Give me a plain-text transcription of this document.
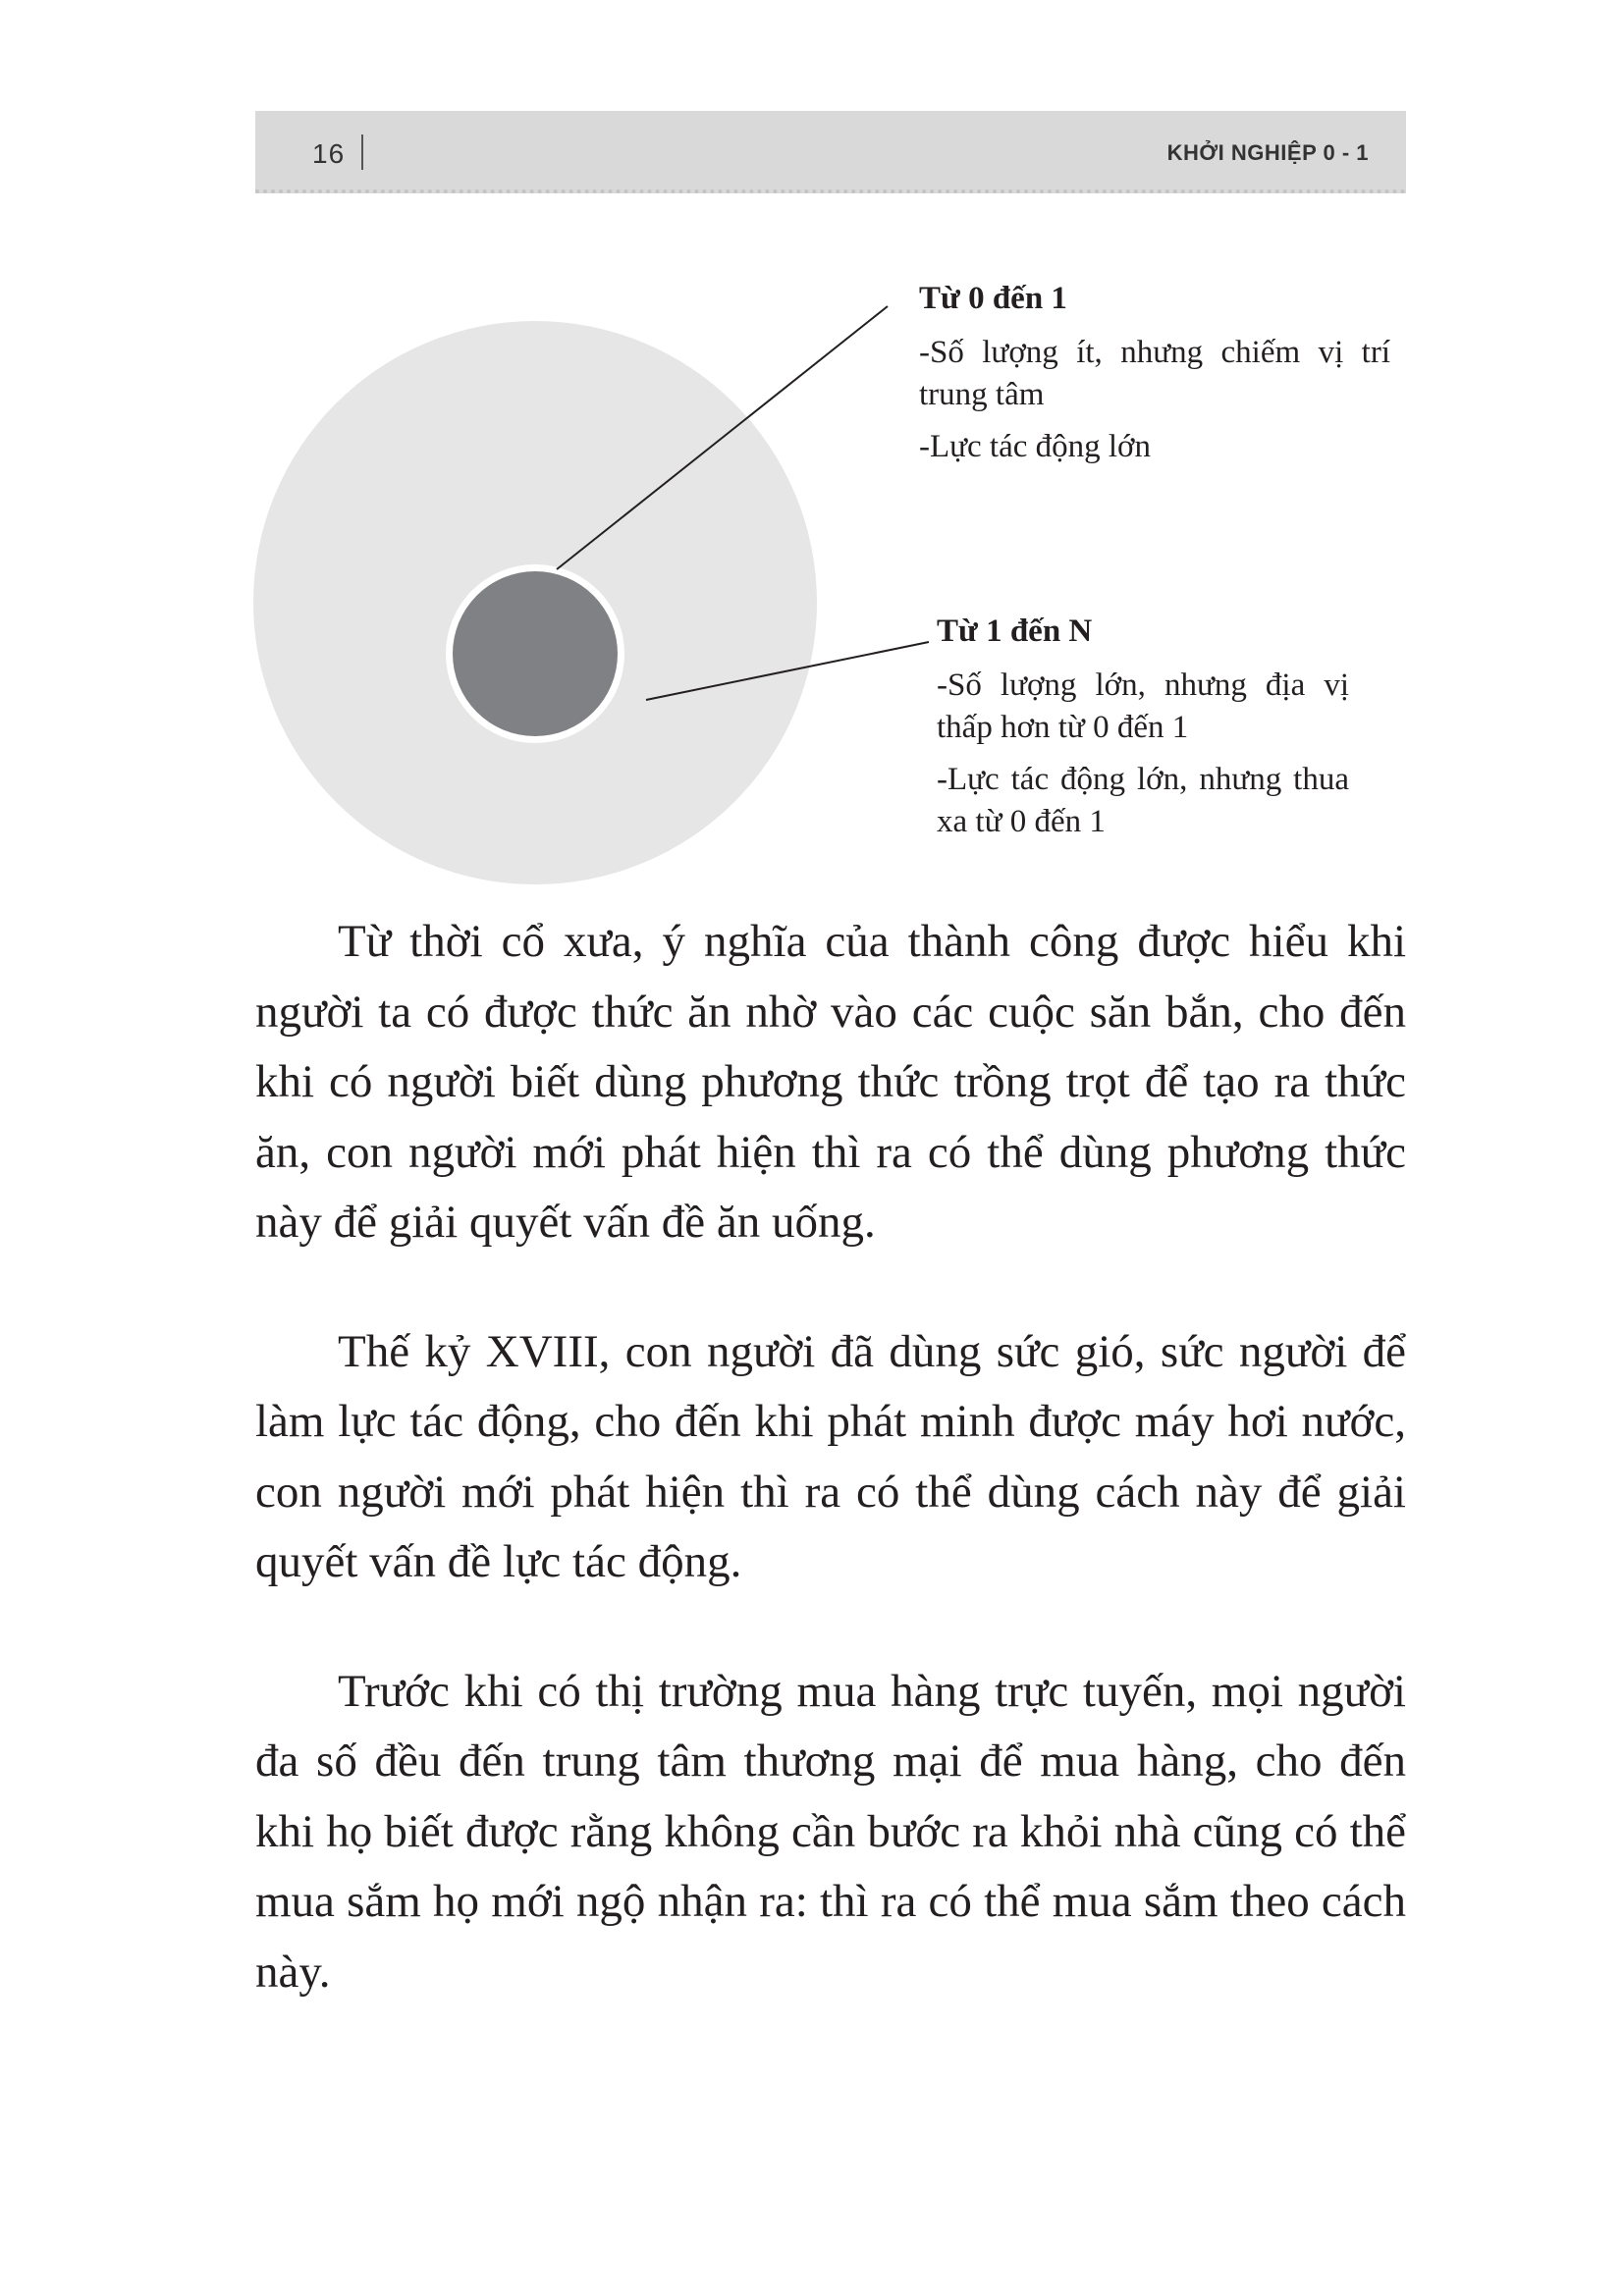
16	KHỞI NGHIỆP 0 - 1
Từ 0 đến 1
-Số lượng ít, nhưng chiếm vị trí trung tâm
-Lực tác động lớn
Từ 1 đến N
-Số lượng lớn, nhưng địa vị thấp hơn từ 0 đến 1
-Lực tác động lớn, nhưng thua xa từ 0 đến 1

Từ thời cổ xưa, ý nghĩa của thành công được hiểu khi người ta có được thức ăn nhờ vào các cuộc săn bắn, cho đến khi có người biết dùng phương thức trồng trọt để tạo ra thức ăn, con người mới phát hiện thì ra có thể dùng phương thức này để giải quyết vấn đề ăn uống.

Thế kỷ XVIII, con người đã dùng sức gió, sức người để làm lực tác động, cho đến khi phát minh được máy hơi nước, con người mới phát hiện thì ra có thể dùng cách này để giải quyết vấn đề lực tác động.

Trước khi có thị trường mua hàng trực tuyến, mọi người đa số đều đến trung tâm thương mại để mua hàng, cho đến khi họ biết được rằng không cần bước ra khỏi nhà cũng có thể mua sắm họ mới ngộ nhận ra: thì ra có thể mua sắm theo cách này.
